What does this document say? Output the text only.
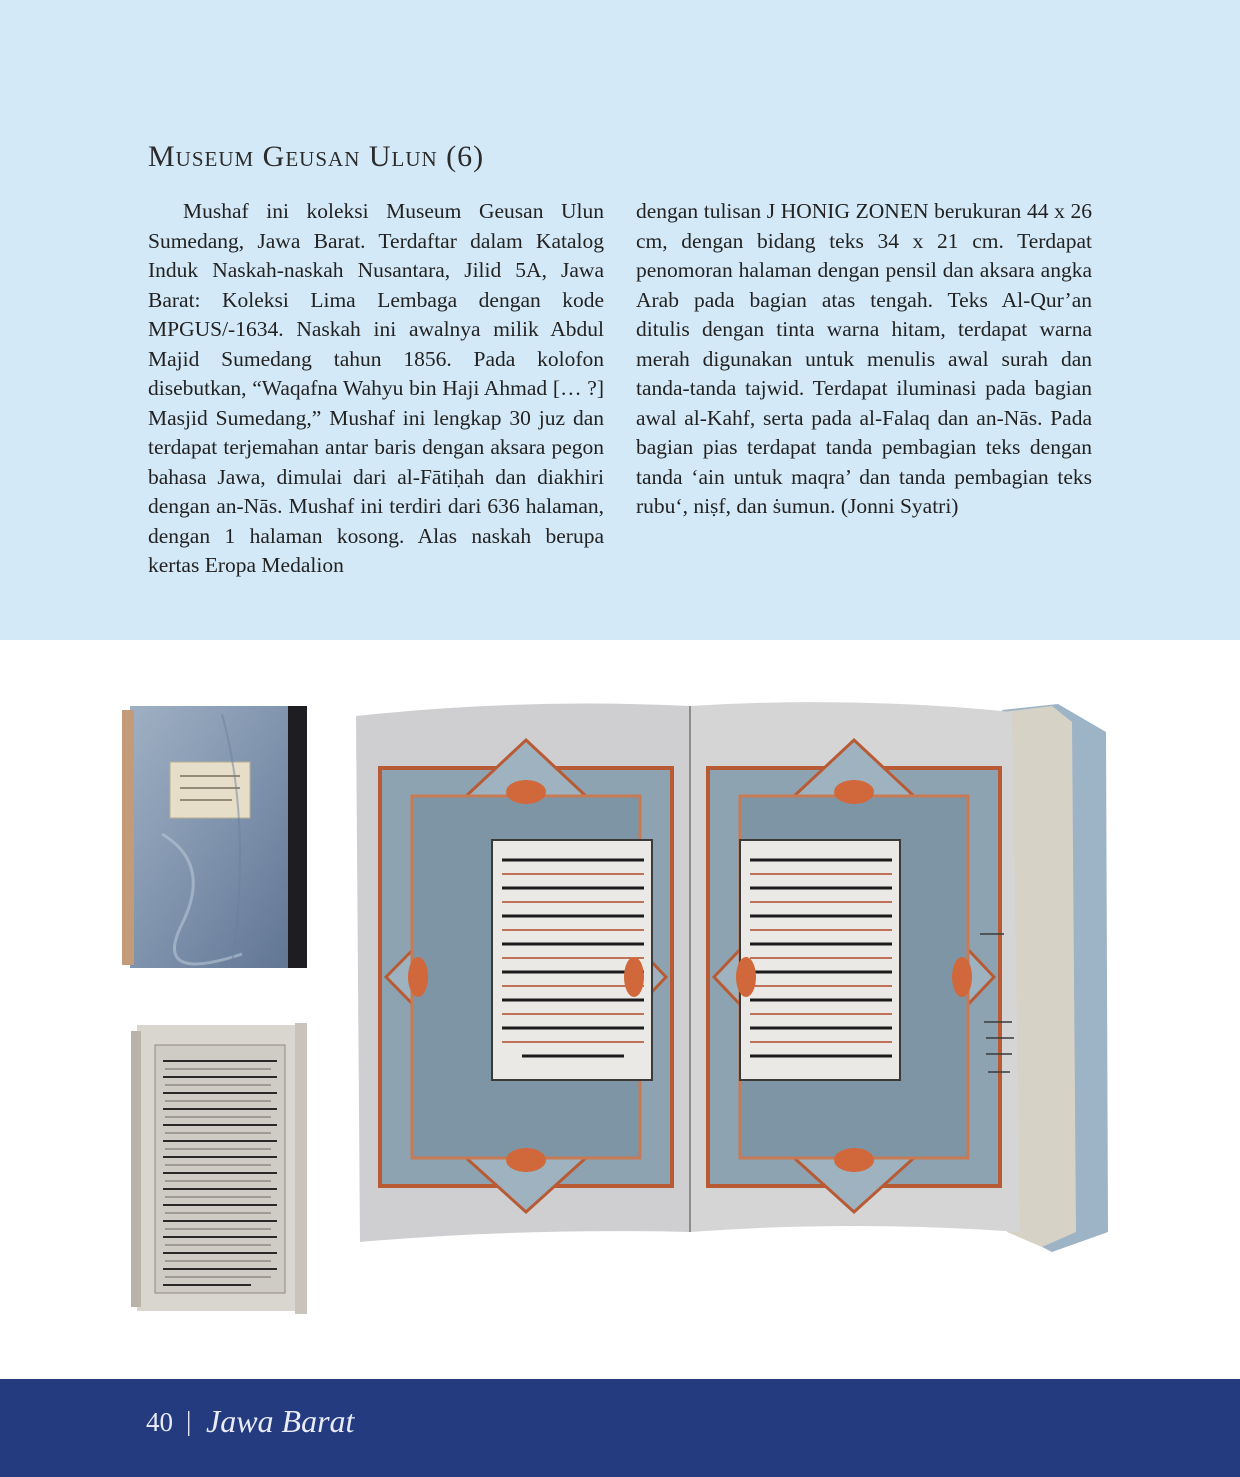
Museum Geusan Ulun (6)

Mushaf ini koleksi Museum Geusan Ulun Sumedang, Jawa Barat. Terdaftar dalam Katalog Induk Naskah-naskah Nusantara, Jilid 5A, Jawa Barat: Koleksi Lima Lembaga dengan kode MPGUS/-1634. Naskah ini awalnya milik Abdul Majid Sumedang tahun 1856. Pada kolofon disebutkan, “Waqafna Wahyu bin Haji Ahmad [… ?] Masjid Sumedang,” Mushaf ini lengkap 30 juz dan terdapat terjemahan antar baris dengan aksara pegon bahasa Jawa, dimulai dari al-Fātiḥah dan diakhiri dengan an-Nās. Mushaf ini terdiri dari 636 halaman, dengan 1 halaman kosong. Alas naskah berupa kertas Eropa Medalion

dengan tulisan J HONIG ZONEN berukuran 44 x 26 cm, dengan bidang teks 34 x 21 cm. Terdapat penomoran halaman dengan pensil dan aksara angka Arab pada bagian atas tengah. Teks Al-Qur’an ditulis dengan tinta warna hitam, terdapat warna merah digunakan untuk menulis awal surah dan tanda-tanda tajwid. Terdapat iluminasi pada bagian awal al-Kahf, serta pada al-Falaq dan an-Nās. Pada bagian pias terdapat tanda pembagian teks dengan tanda ‘ain untuk maqra’ dan tanda pembagian teks rubu‘, niṣf, dan ṡumun. (Jonni Syatri)

40 | Jawa Barat
